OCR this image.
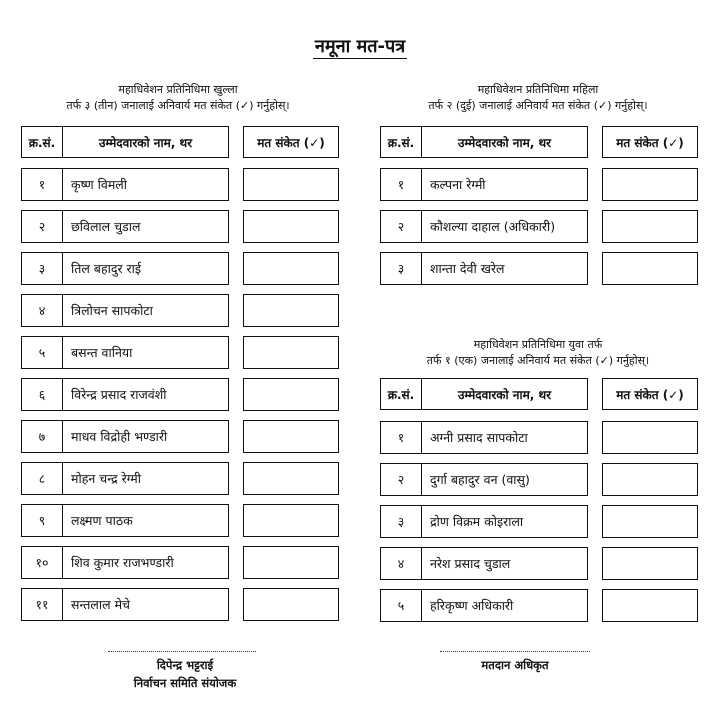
नमूना मत-पत्र
महाधिवेशन प्रतिनिधिमा खुल्ला
तर्फ ३ (तीन) जनालाई अनिवार्य मत संकेत (✓) गर्नुहोस्।
महाधिवेशन प्रतिनिधिमा महिला
तर्फ २ (दुई) जनालाई अनिवार्य मत संकेत (✓) गर्नुहोस्।
महाधिवेशन प्रतिनिधिमा युवा तर्फ
तर्फ १ (एक) जनालाई अनिवार्य मत संकेत (✓) गर्नुहोस्।
क्र.सं.	उम्मेदवारको नाम, थर	मत संकेत (✓)
१	कृष्ण विमली
२	छविलाल चुडाल
३	तिल बहादुर राई
४	त्रिलोचन सापकोटा
५	बसन्त वानिया
६	विरेन्द्र प्रसाद राजवंशी
७	माधव विद्रोही भण्डारी
८	मोहन चन्द्र रेग्मी
९	लक्ष्मण पाठक
१०	शिव कुमार राजभण्डारी
११	सन्तलाल मेचे
क्र.सं.	उम्मेदवारको नाम, थर	मत संकेत (✓)
१	कल्पना रेग्मी
२	कौशल्या दाहाल (अधिकारी)
३	शान्ता देवी खरेल
क्र.सं.	उम्मेदवारको नाम, थर	मत संकेत (✓)
१	अग्नी प्रसाद सापकोटा
२	दुर्गा बहादुर वन (वासु)
३	द्रोण विक्रम कोइराला
४	नरेश प्रसाद चुडाल
५	हरिकृष्ण अधिकारी
दिपेन्द्र भट्टराई
निर्वाचन समिति संयोजक
मतदान अधिकृत
